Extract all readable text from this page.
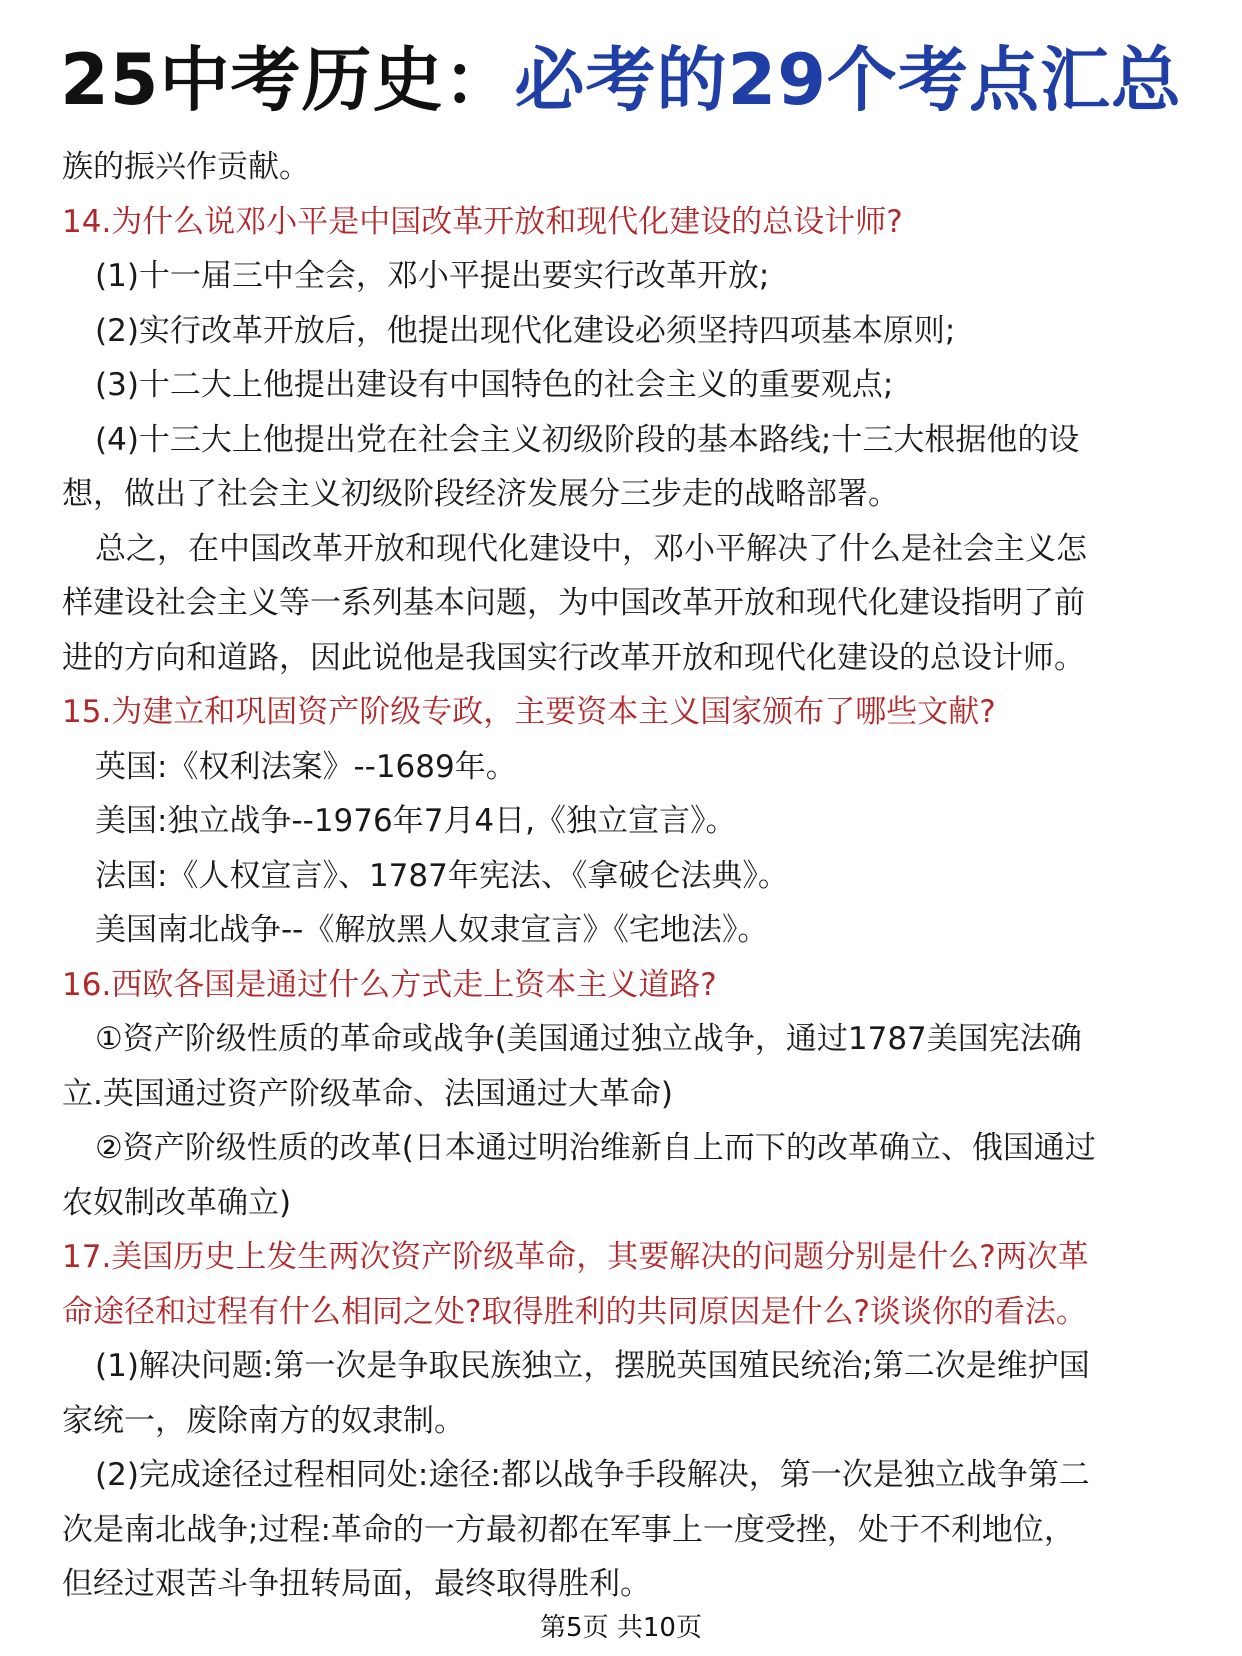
25中考历史：必考的29个考点汇总
族的振兴作贡献。
14.为什么说邓小平是中国改革开放和现代化建设的总设计师?
(1)十一届三中全会，邓小平提出要实行改革开放;
(2)实行改革开放后，他提出现代化建设必须坚持四项基本原则;
(3)十二大上他提出建设有中国特色的社会主义的重要观点;
(4)十三大上他提出党在社会主义初级阶段的基本路线;十三大根据他的设
想，做出了社会主义初级阶段经济发展分三步走的战略部署。
总之，在中国改革开放和现代化建设中，邓小平解决了什么是社会主义怎
样建设社会主义等一系列基本问题，为中国改革开放和现代化建设指明了前
进的方向和道路，因此说他是我国实行改革开放和现代化建设的总设计师。
15.为建立和巩固资产阶级专政，主要资本主义国家颁布了哪些文献?
英国:《权利法案》--1689年。
美国:独立战争--1976年7月4日,《独立宣言》。
法国:《人权宣言》、1787年宪法、《拿破仑法典》。
美国南北战争--《解放黑人奴隶宣言》《宅地法》。
16.西欧各国是通过什么方式走上资本主义道路?
①资产阶级性质的革命或战争(美国通过独立战争，通过1787美国宪法确
立.英国通过资产阶级革命、法国通过大革命)
②资产阶级性质的改革(日本通过明治维新自上而下的改革确立、俄国通过
农奴制改革确立)
17.美国历史上发生两次资产阶级革命，其要解决的问题分别是什么?两次革
命途径和过程有什么相同之处?取得胜利的共同原因是什么?谈谈你的看法。
(1)解决问题:第一次是争取民族独立，摆脱英国殖民统治;第二次是维护国
家统一，废除南方的奴隶制。
(2)完成途径过程相同处:途径:都以战争手段解决，第一次是独立战争第二
次是南北战争;过程:革命的一方最初都在军事上一度受挫，处于不利地位，
但经过艰苦斗争扭转局面，最终取得胜利。
第5页 共10页
